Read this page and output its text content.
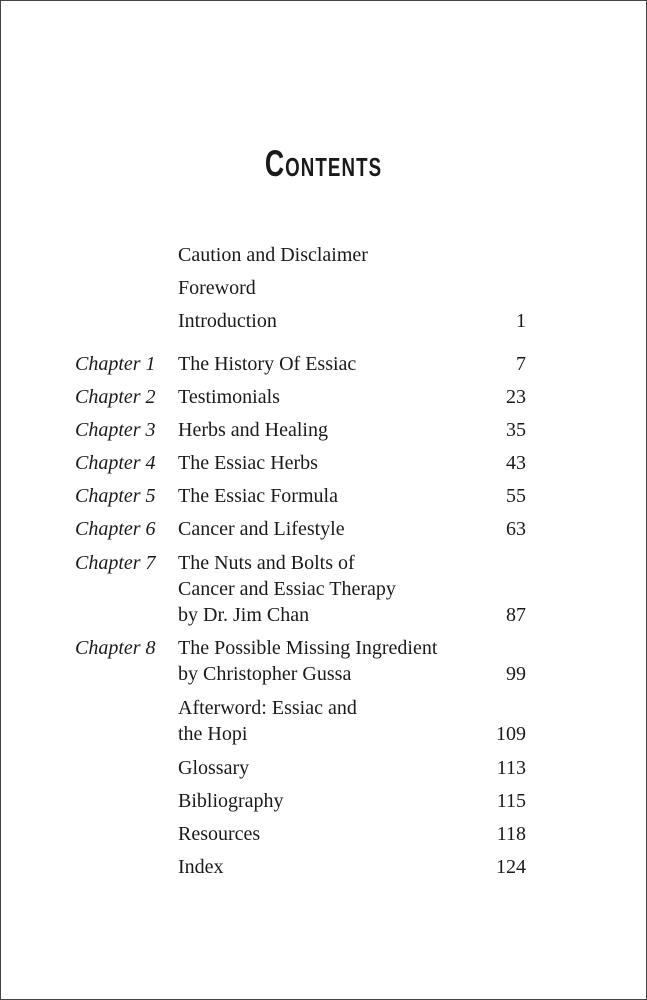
Contents
Caution and Disclaimer
Foreword
Introduction	1
Chapter 1 The History Of Essiac	7
Chapter 2 Testimonials	23
Chapter 3 Herbs and Healing	35
Chapter 4 The Essiac Herbs	43
Chapter 5 The Essiac Formula	55
Chapter 6 Cancer and Lifestyle	63
Chapter 7 The Nuts and Bolts of
Cancer and Essiac Therapy
by Dr. Jim Chan	87
Chapter 8 The Possible Missing Ingredient
by Christopher Gussa	99
Afterword: Essiac and
the Hopi	109
Glossary	113
Bibliography	115
Resources	118
Index	124
